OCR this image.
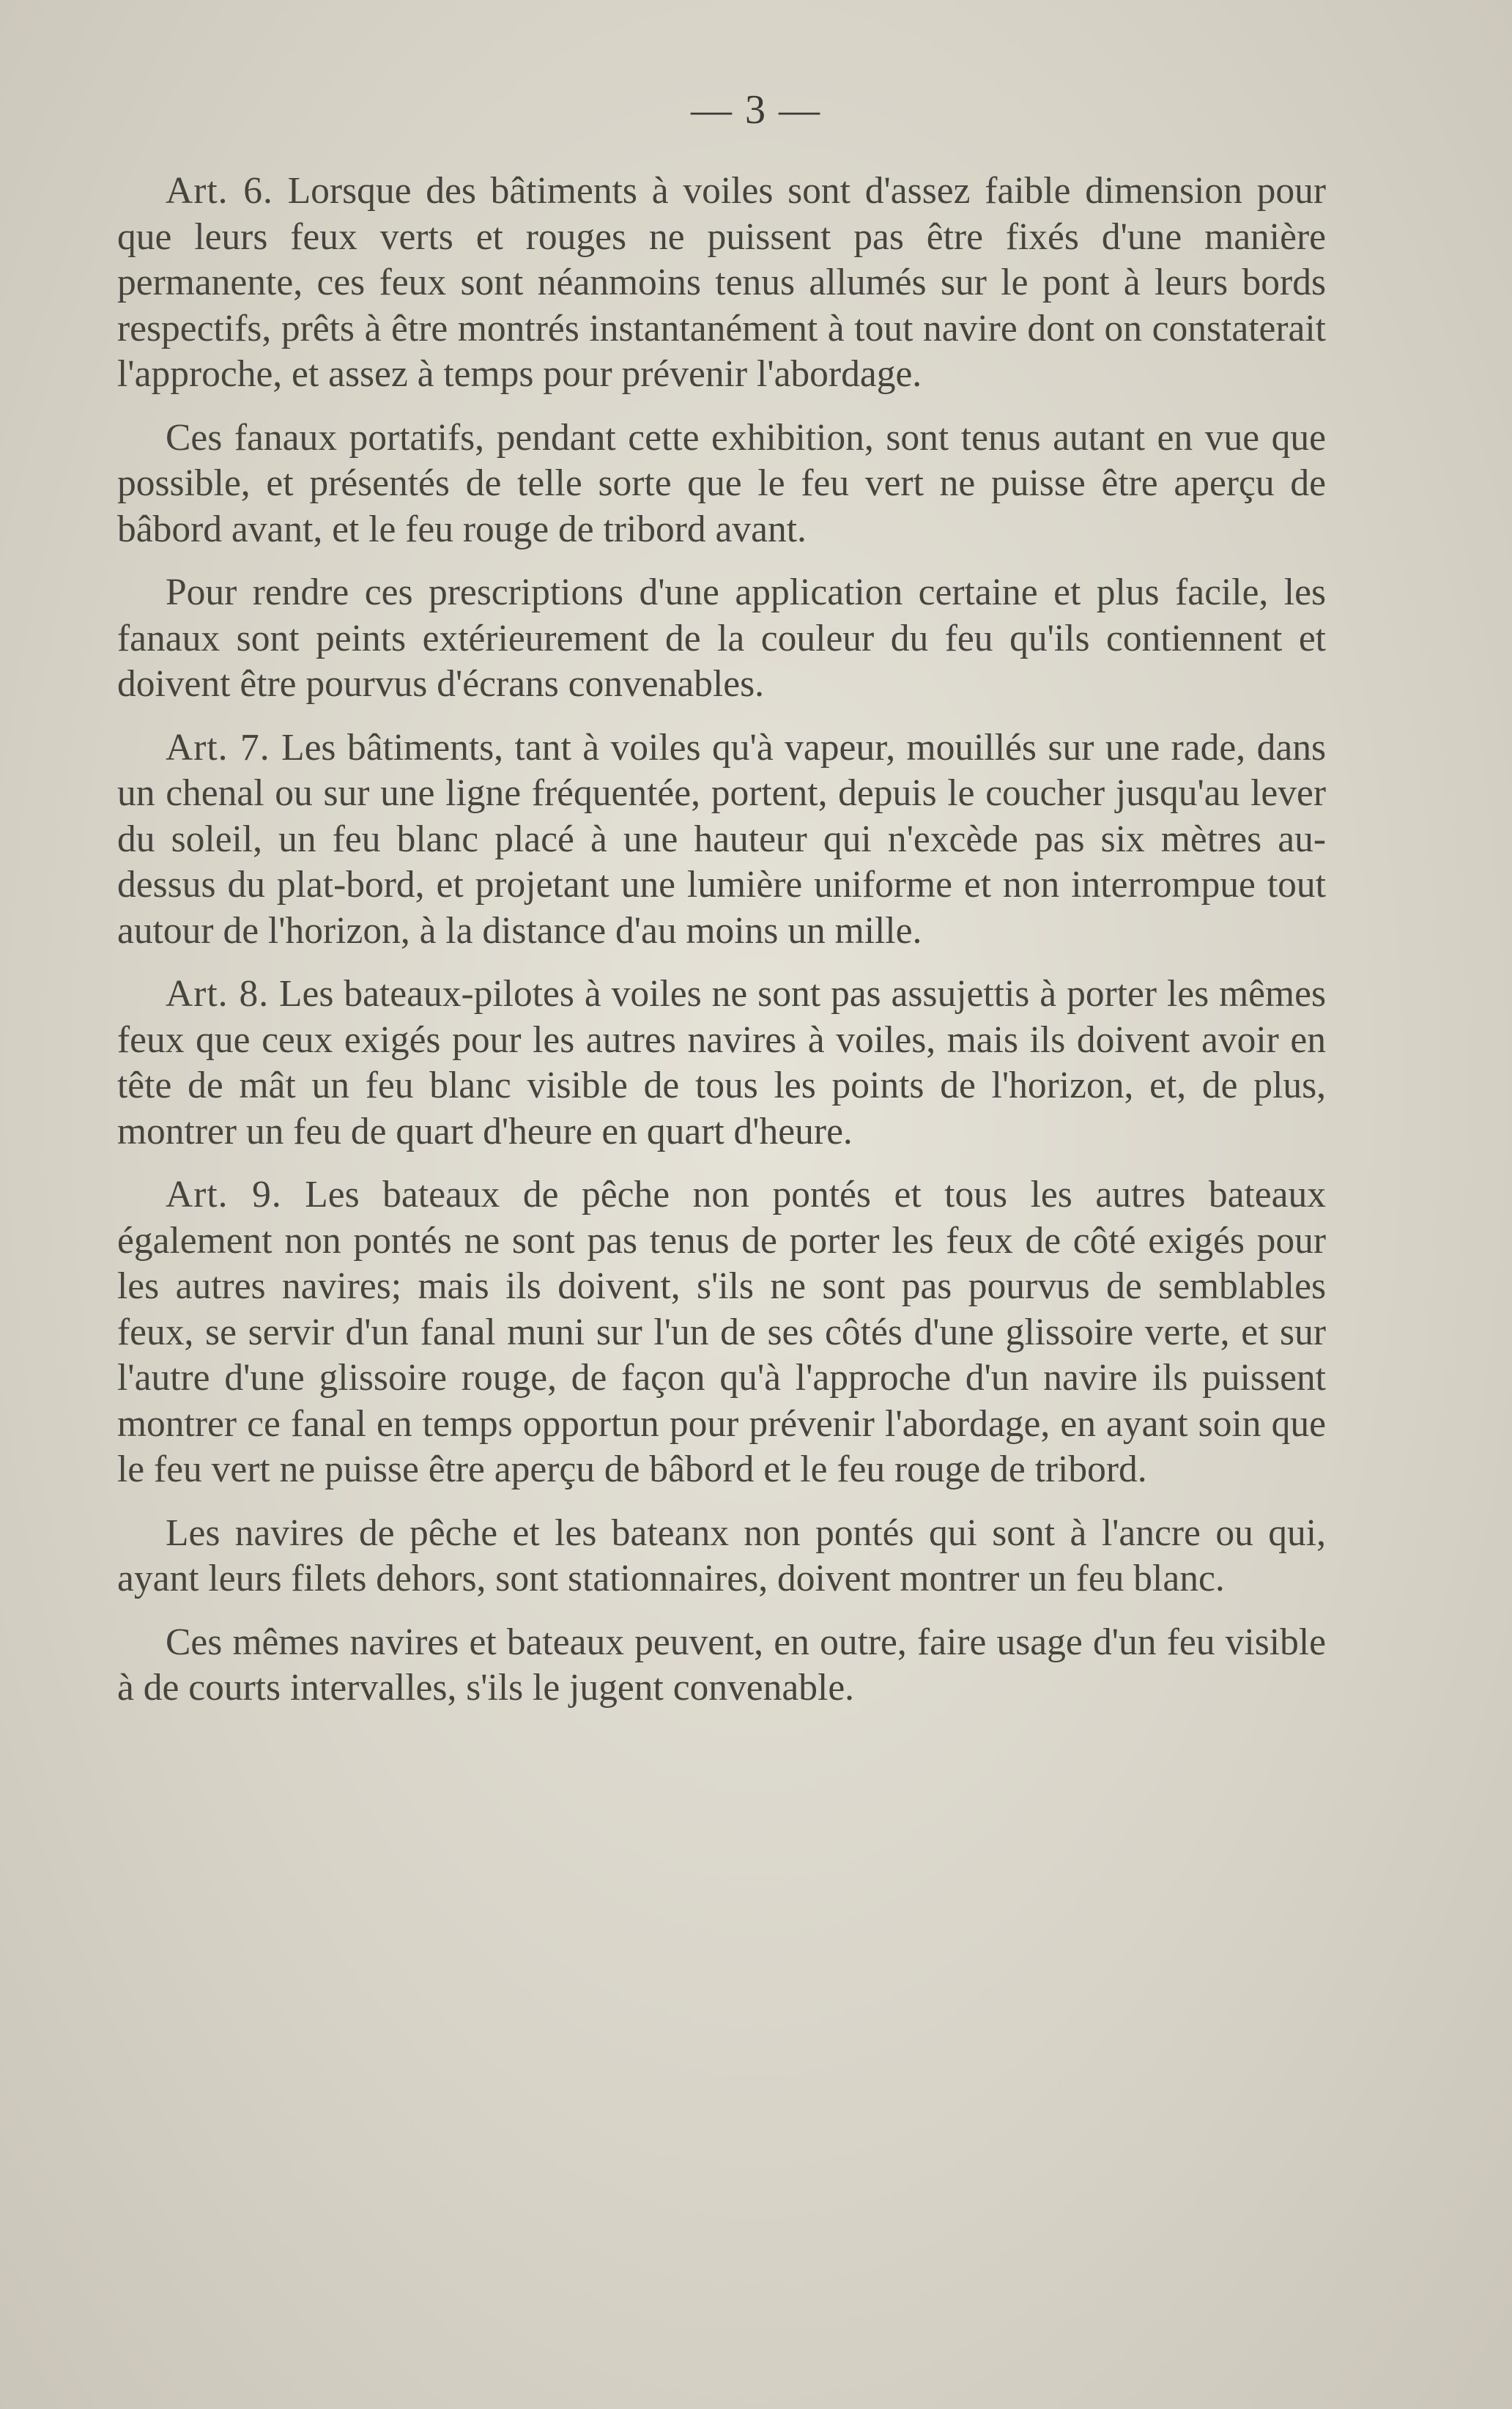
— 3 —

Art. 6. Lorsque des bâtiments à voiles sont d'assez faible dimension pour que leurs feux verts et rouges ne puissent pas être fixés d'une manière permanente, ces feux sont néanmoins tenus allumés sur le pont à leurs bords respectifs, prêts à être montrés instantanément à tout navire dont on constaterait l'approche, et assez à temps pour prévenir l'abordage.

Ces fanaux portatifs, pendant cette exhibition, sont tenus autant en vue que possible, et présentés de telle sorte que le feu vert ne puisse être aperçu de bâbord avant, et le feu rouge de tribord avant.

Pour rendre ces prescriptions d'une application certaine et plus facile, les fanaux sont peints extérieurement de la couleur du feu qu'ils contiennent et doivent être pourvus d'écrans convenables.

Art. 7. Les bâtiments, tant à voiles qu'à vapeur, mouillés sur une rade, dans un chenal ou sur une ligne fréquentée, portent, depuis le coucher jusqu'au lever du soleil, un feu blanc placé à une hauteur qui n'excède pas six mètres au-dessus du plat-bord, et projetant une lumière uniforme et non interrompue tout autour de l'horizon, à la distance d'au moins un mille.

Art. 8. Les bateaux-pilotes à voiles ne sont pas assujettis à porter les mêmes feux que ceux exigés pour les autres navires à voiles, mais ils doivent avoir en tête de mât un feu blanc visible de tous les points de l'horizon, et, de plus, montrer un feu de quart d'heure en quart d'heure.

Art. 9. Les bateaux de pêche non pontés et tous les autres bateaux également non pontés ne sont pas tenus de porter les feux de côté exigés pour les autres navires; mais ils doivent, s'ils ne sont pas pourvus de semblables feux, se servir d'un fanal muni sur l'un de ses côtés d'une glissoire verte, et sur l'autre d'une glissoire rouge, de façon qu'à l'approche d'un navire ils puissent montrer ce fanal en temps opportun pour prévenir l'abordage, en ayant soin que le feu vert ne puisse être aperçu de bâbord et le feu rouge de tribord.

Les navires de pêche et les bateanx non pontés qui sont à l'ancre ou qui, ayant leurs filets dehors, sont stationnaires, doivent montrer un feu blanc.

Ces mêmes navires et bateaux peuvent, en outre, faire usage d'un feu visible à de courts intervalles, s'ils le jugent convenable.
